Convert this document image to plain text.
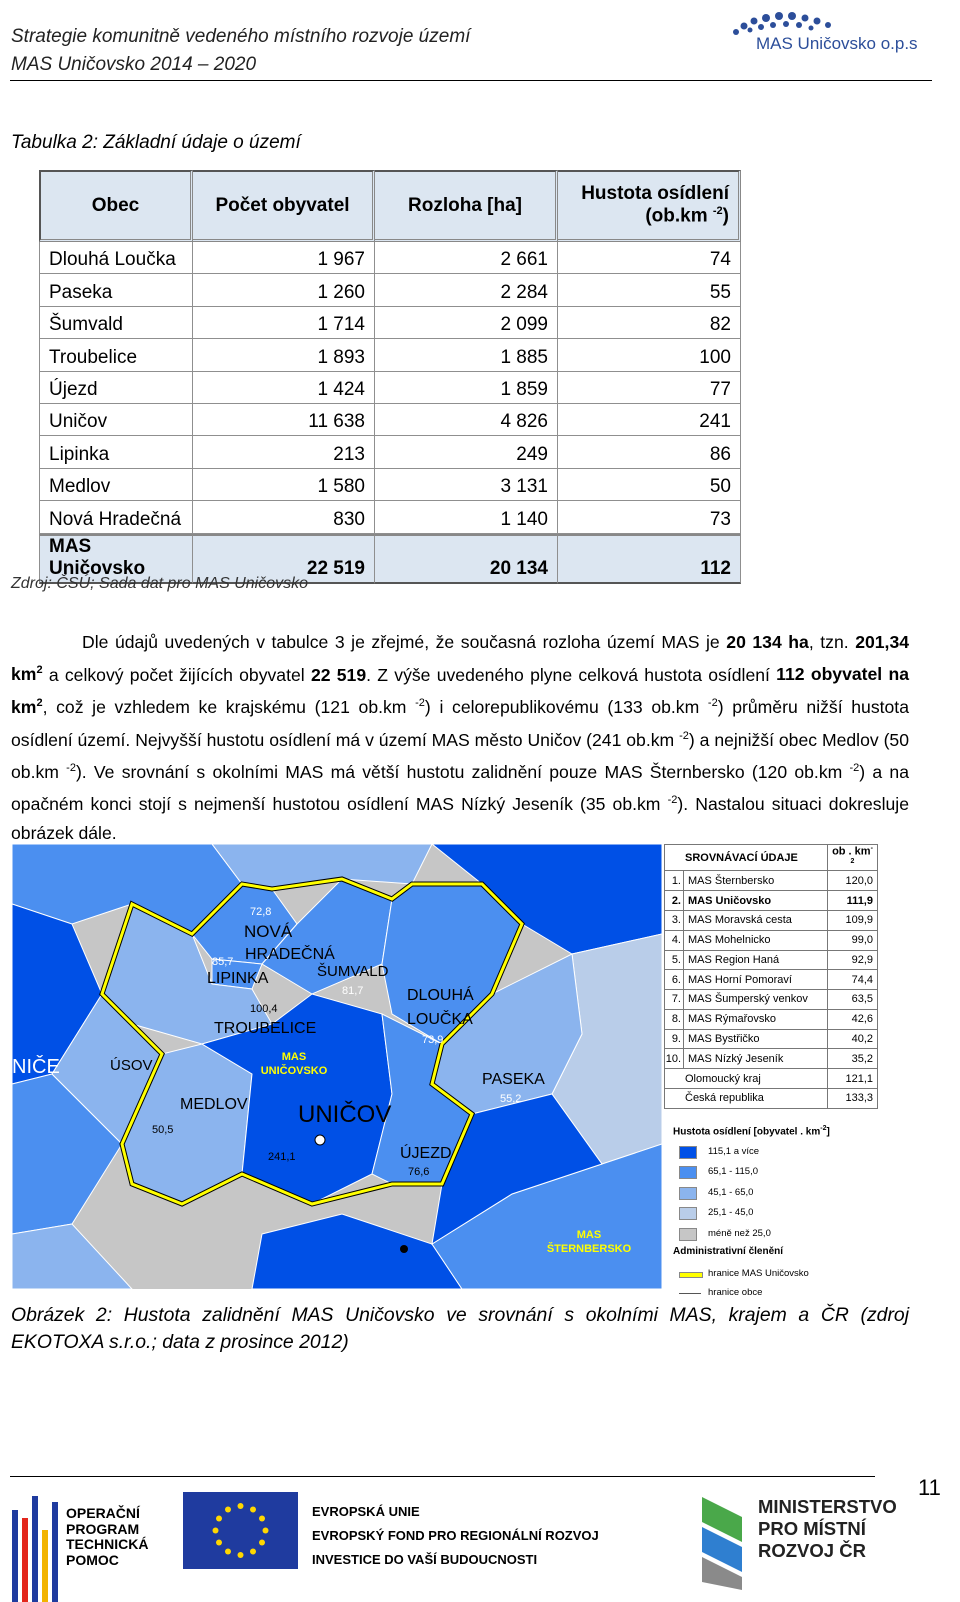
Strategie komunitně vedeného místního rozvoje území
MAS Uničovsko 2014 – 2020
MAS Uničovsko o.p.s
Tabulka 2: Základní údaje o území
Obec	Počet obyvatel	Rozloha [ha]	Hustota osídlení
(ob.km $^{-2}$)

Dlouhá Loučka	1 967	2 661	74
Paseka	1 260	2 284	55
Šumvald	1 714	2 099	82
Troubelice	1 893	1 885	100
Újezd	1 424	1 859	77
Uničov	11 638	4 826	241
Lipinka	213	249	86
Medlov	1 580	3 131	50
Nová Hradečná	830	1 140	73
MAS Uničovsko	22 519	20 134	112
Zdroj: ČSÚ; Sada dat pro MAS Uničovsko
Dle údajů uvedených v tabulce 3 je zřejmé, že současná rozloha území MAS je 20 134 ha, tzn. 201,34 $km^2$ a celkový počet žijících obyvatel 22 519. Z výše uvedeného plyne celková hustota osídlení 112 obyvatel na $km^2$, což je vzhledem ke krajskému (121 ob.km $^{-2}$) i celorepublikovému (133 ob.km $^{-2}$) průměru nižší hustota osídlení území. Nejvyšší hustotu osídlení má v území MAS město Uničov (241 ob.km $^{-2}$) a nejnižší obec Medlov (50 ob.km $^{-2}$). Ve srovnání s okolními MAS má větší hustotu zalidnění pouze MAS Šternbersko (120 ob.km $^{-2}$) a na opačném konci stojí s nejmenší hustotou osídlení MAS Nízký Jeseník (35 ob.km $^{-2}$). Nastalou situaci dokresluje obrázek dále.
72,8
NOVÁ
HRADEČNÁ
85,7
LIPINKA	ŠUMVALD
81,7	DLOUHÁ
LOUČKA
73,9
100,4
TROUBELICE
NIČE	ÚSOV	MAS
UNIČOVSKO	PASEKA
55,2
MEDLOV
50,5
UNIČOV
241,1	ÚJEZD
76,6
MAS
ŠTERNBERSKO
SROVNÁVACÍ ÚDAJE		ob . $km^{-2}$
1.	MAS Šternbersko	120,0
2.	MAS Uničovsko	111,9
3.	MAS Moravská cesta	109,9
4.	MAS Mohelnicko	99,0
5.	MAS Region Haná	92,9
6.	MAS Horní Pomoraví	74,4
7.	MAS Šumperský venkov	63,5
8.	MAS Rýmařovsko	42,6
9.	MAS Bystřičko	40,2
10.	MAS Nízký Jeseník	35,2
Olomoucký kraj		121,1
Česká republika		133,3
Hustota osídlení [obyvatel . $km^{-2}$]
115,1 a více
65,1 - 115,0
45,1 - 65,0
25,1 - 45,0
méně než 25,0
Administrativní členění
hranice MAS Uničovsko
hranice obce
Obrázek 2: Hustota zalidnění MAS Uničovsko ve srovnání s okolními MAS, krajem a ČR (zdroj EKOTOXA s.r.o.; data z prosince 2012)
11
OPERAČNÍ
PROGRAM
TECHNICKÁ
POMOC
EVROPSKÁ UNIE
EVROPSKÝ FOND PRO REGIONÁLNÍ ROZVOJ
INVESTICE DO VAŠÍ BUDOUCNOSTI
MINISTERSTVO
PRO MÍSTNÍ
ROZVOJ ČR
